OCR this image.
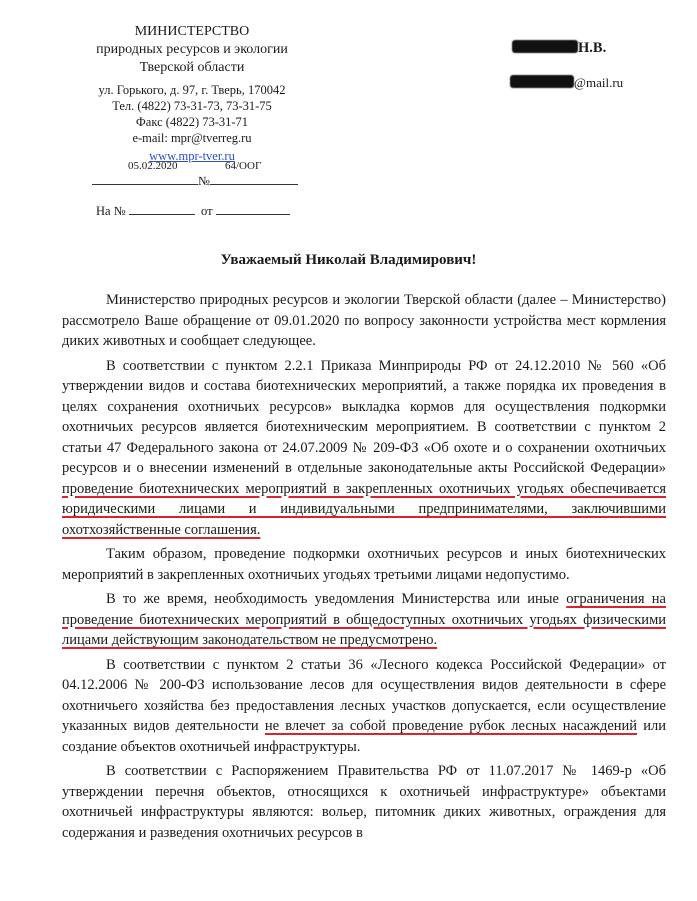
МИНИСТЕРСТВО
природных ресурсов и экологии
Тверской области
ул. Горького, д. 97, г. Тверь, 170042
Тел. (4822) 73-31-73, 73-31-75
Факс (4822) 73-31-71
e-mail: mpr@tverreg.ru
www.mpr-tver.ru
05.02.2020	64/ООГ
№
На №	от
Н.В.
@mail.ru
Уважаемый Николай Владимирович!

Министерство природных ресурсов и экологии Тверской области (далее – Министерство) рассмотрело Ваше обращение от 09.01.2020 по вопросу законности устройства мест кормления диких животных и сообщает следующее.

В соответствии с пунктом 2.2.1 Приказа Минприроды РФ от 24.12.2010 № 560 «Об утверждении видов и состава биотехнических мероприятий, а также порядка их проведения в целях сохранения охотничьих ресурсов» выкладка кормов для осуществления подкормки охотничьих ресурсов является биотехническим мероприятием. В соответствии с пунктом 2 статьи 47 Федерального закона от 24.07.2009 № 209-ФЗ «Об охоте и о сохранении охотничьих ресурсов и о внесении изменений в отдельные законодательные акты Российской Федерации» проведение биотехнических мероприятий в закрепленных охотничьих угодьях обеспечивается юридическими лицами и индивидуальными предпринимателями, заключившими охотхозяйственные соглашения.

Таким образом, проведение подкормки охотничьих ресурсов и иных биотехнических мероприятий в закрепленных охотничьих угодьях третьими лицами недопустимо.

В то же время, необходимость уведомления Министерства или иные ограничения на проведение биотехнических мероприятий в общедоступных охотничьих угодьях физическими лицами действующим законодательством не предусмотрено.

В соответствии с пунктом 2 статьи 36 «Лесного кодекса Российской Федерации» от 04.12.2006 № 200-ФЗ использование лесов для осуществления видов деятельности в сфере охотничьего хозяйства без предоставления лесных участков допускается, если осуществление указанных видов деятельности не влечет за собой проведение рубок лесных насаждений или создание объектов охотничьей инфраструктуры.

В соответствии с Распоряжением Правительства РФ от 11.07.2017 № 1469-р «Об утверждении перечня объектов, относящихся к охотничьей инфраструктуре» объектами охотничьей инфраструктуры являются: вольер, питомник диких животных, ограждения для содержания и разведения охотничьих ресурсов в
